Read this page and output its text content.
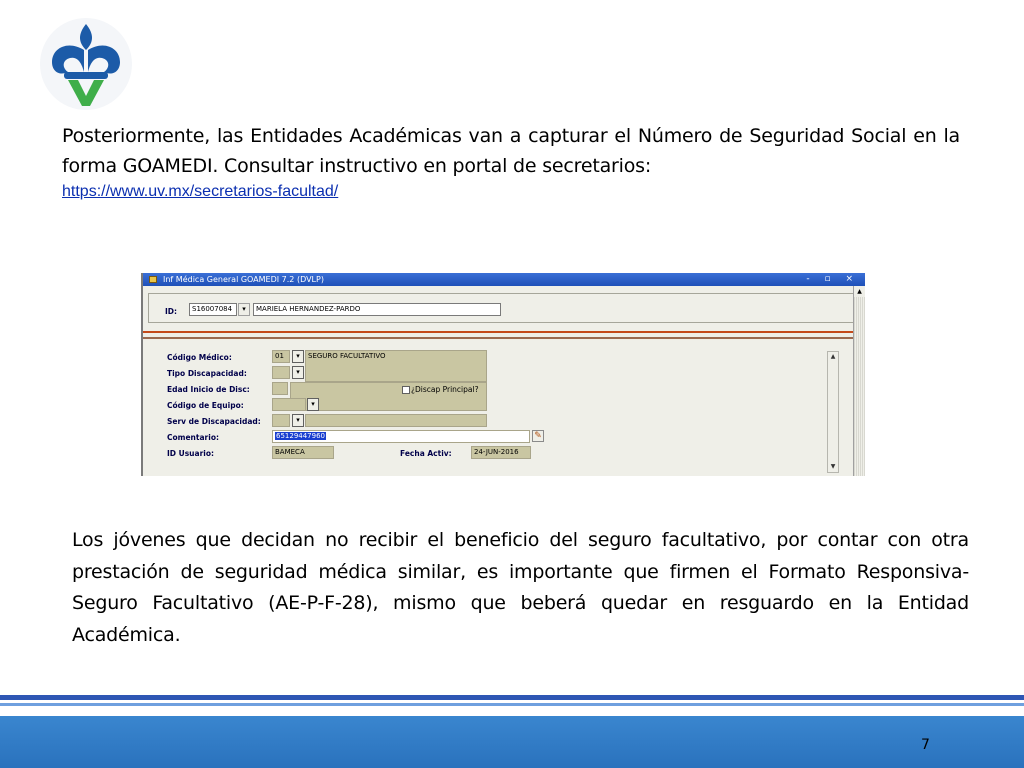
Posteriormente, las Entidades Académicas van a capturar el Número de Seguridad Social en la forma GOAMEDI. Consultar instructivo en portal de secretarios:

https://www.uv.mx/secretarios-facultad/
Inf Médica General GOAMEDI 7.2 (DVLP)	- ▫ ×
ID:	S16007084	▾	MARIELA HERNANDEZ-PARDO
Código Médico:	01	▾	SEGURO FACULTATIVO
Tipo Discapacidad:	▾
Edad Inicio de Disc:	¿Discap Principal?
Código de Equipo:	▾
Serv de Discapacidad:	▾
Comentario:	65129447960	✎
ID Usuario:	BAMECA	Fecha Activ:	24-JUN-2016
▲
▼
▲

Los jóvenes que decidan no recibir el beneficio del seguro facultativo, por contar con otra prestación de seguridad médica similar, es importante que firmen el Formato Responsiva-Seguro Facultativo (AE-P-F-28), mismo que beberá quedar en resguardo en la Entidad Académica.

7
